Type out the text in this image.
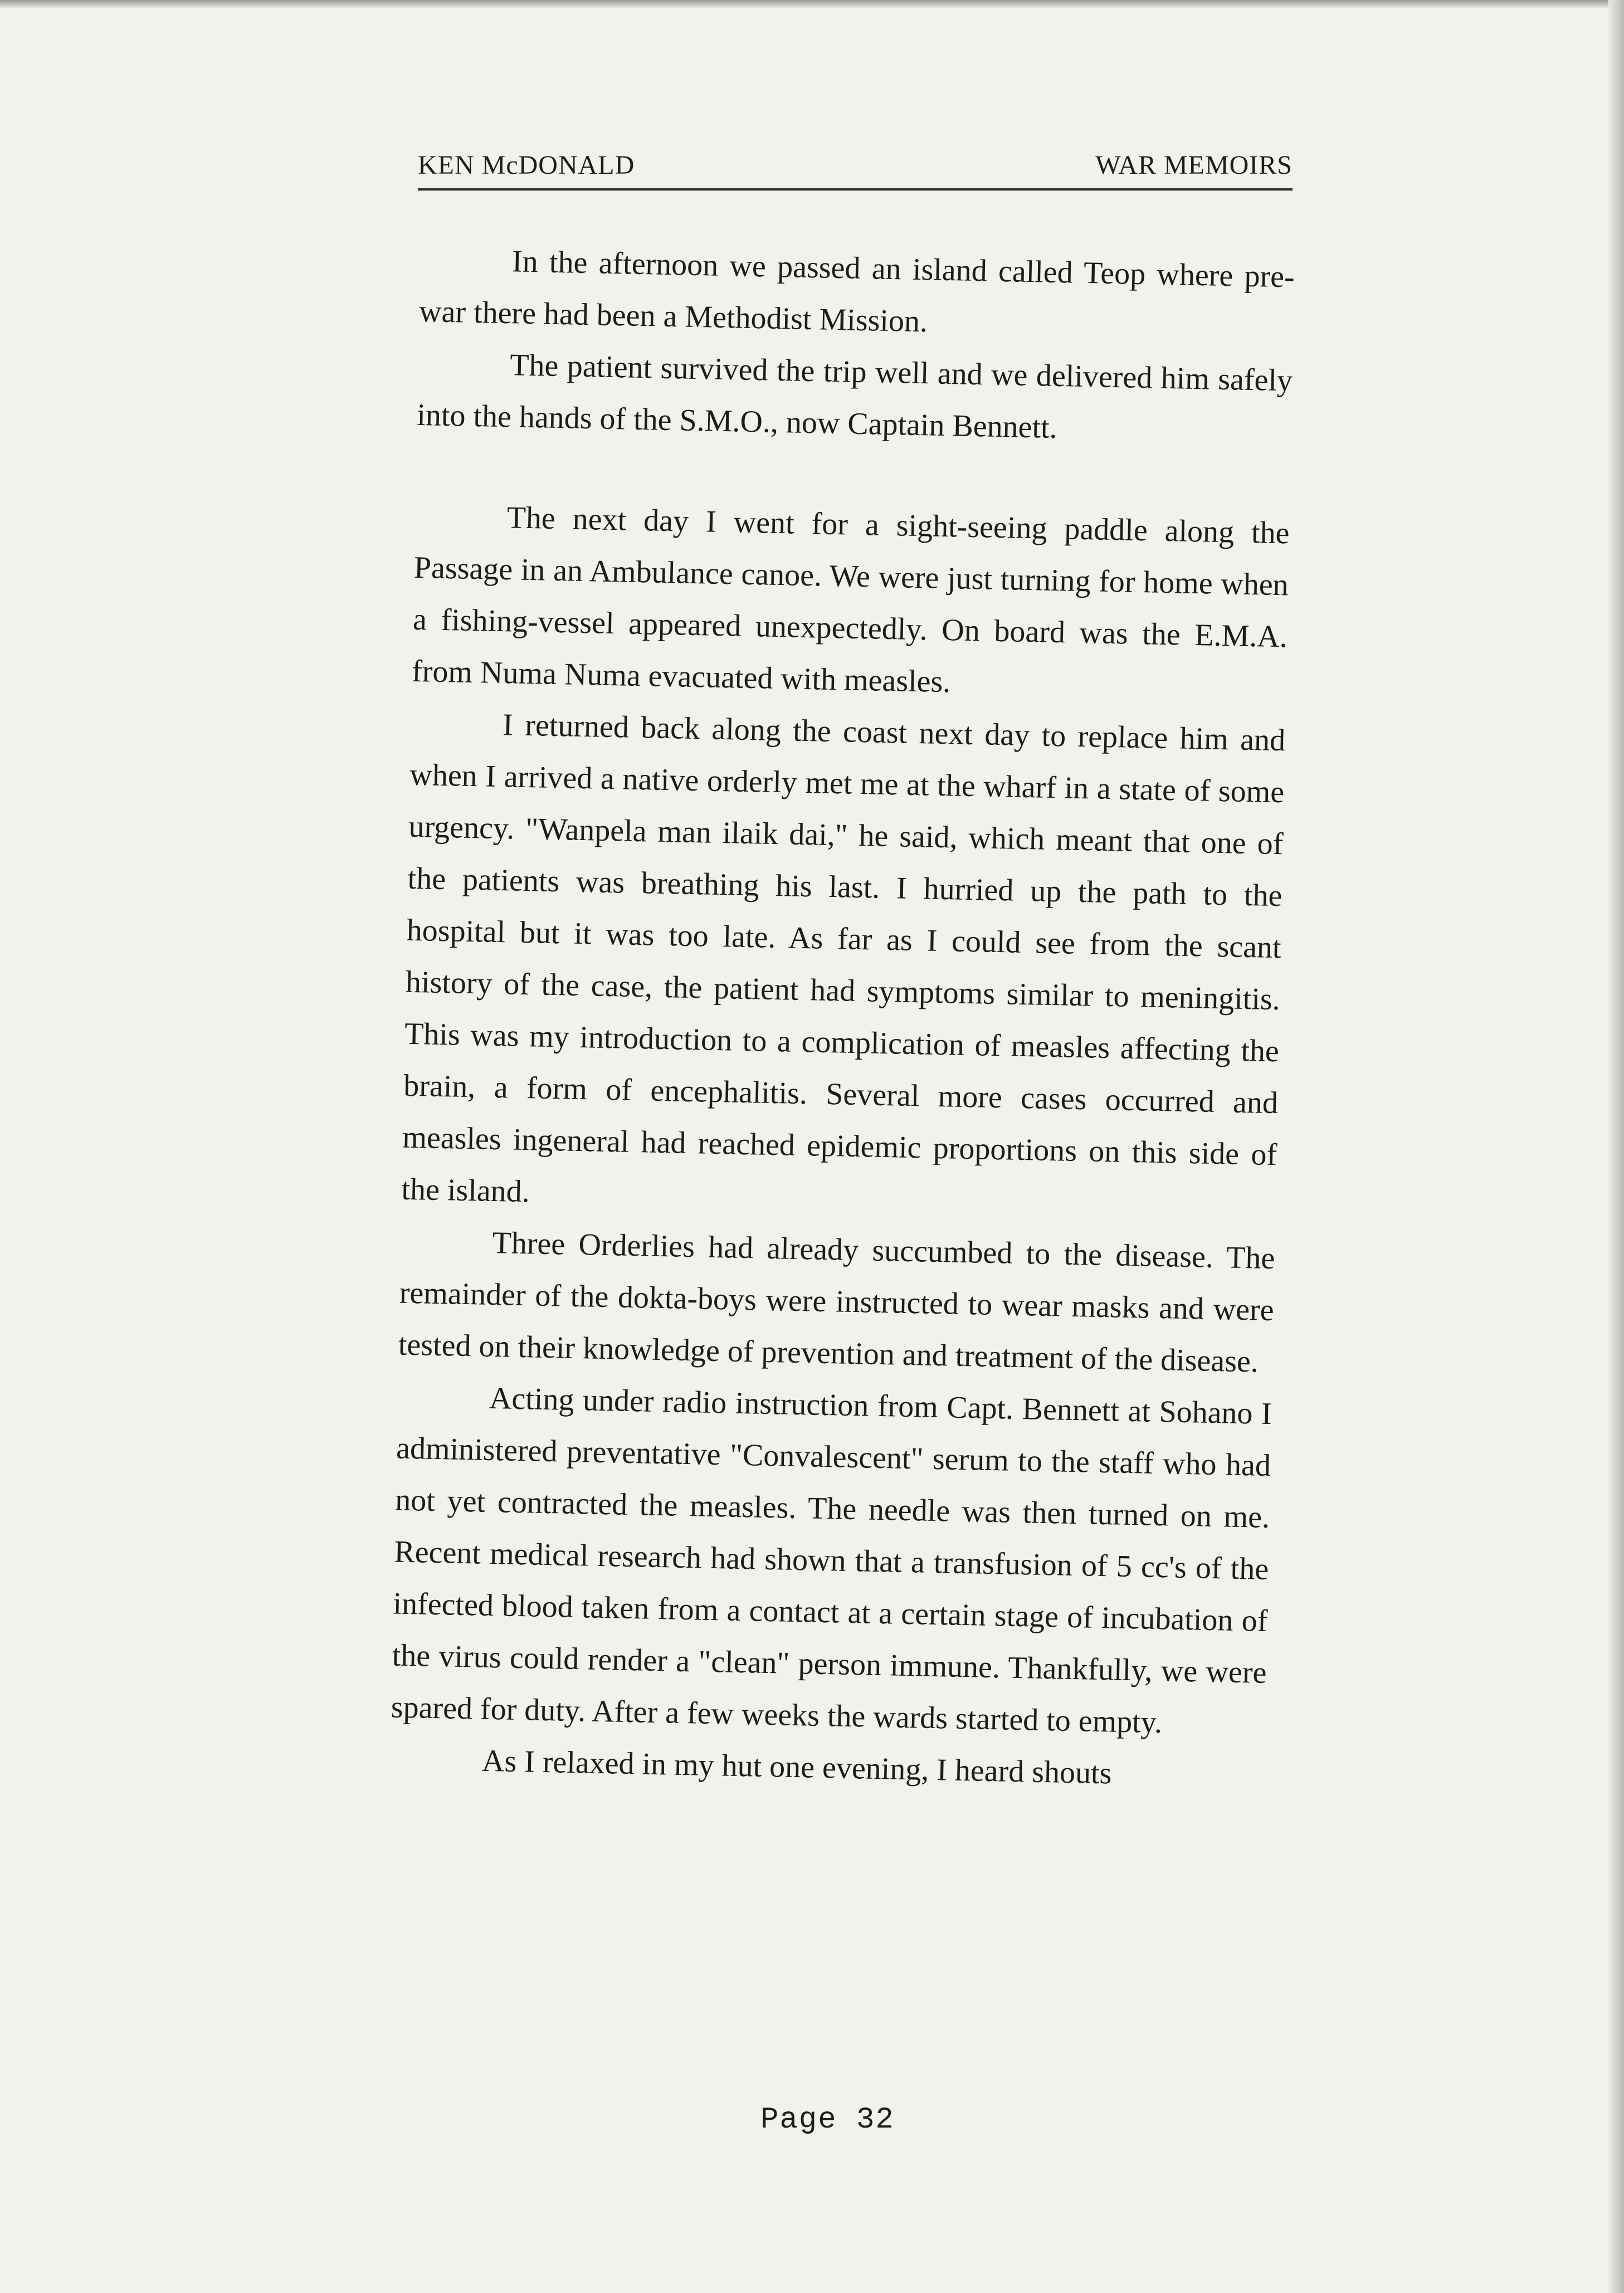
KEN McDONALD	WAR MEMOIRS

In the afternoon we passed an island called Teop where pre-war there had been a Methodist Mission.

The patient survived the trip well and we delivered him safely into the hands of the S.M.O., now Captain Bennett.

The next day I went for a sight-seeing paddle along the Passage in an Ambulance canoe. We were just turning for home when a fishing-vessel appeared unexpectedly. On board was the E.M.A. from Numa Numa evacuated with measles.

I returned back along the coast next day to replace him and when I arrived a native orderly met me at the wharf in a state of some urgency. "Wanpela man ilaik dai," he said, which meant that one of the patients was breathing his last. I hurried up the path to the hospital but it was too late. As far as I could see from the scant history of the case, the patient had symptoms similar to meningitis. This was my introduction to a complication of measles affecting the brain, a form of encephalitis. Several more cases occurred and measles ingeneral had reached epidemic proportions on this side of the island.

Three Orderlies had already succumbed to the disease. The remainder of the dokta-boys were instructed to wear masks and were tested on their knowledge of prevention and treatment of the disease.

Acting under radio instruction from Capt. Bennett at Sohano I administered preventative "Convalescent" serum to the staff who had not yet contracted the measles. The needle was then turned on me. Recent medical research had shown that a transfusion of 5 cc's of the infected blood taken from a contact at a certain stage of incubation of the virus could render a "clean" person immune. Thankfully, we were spared for duty. After a few weeks the wards started to empty.

As I relaxed in my hut one evening, I heard shouts

Page 32
